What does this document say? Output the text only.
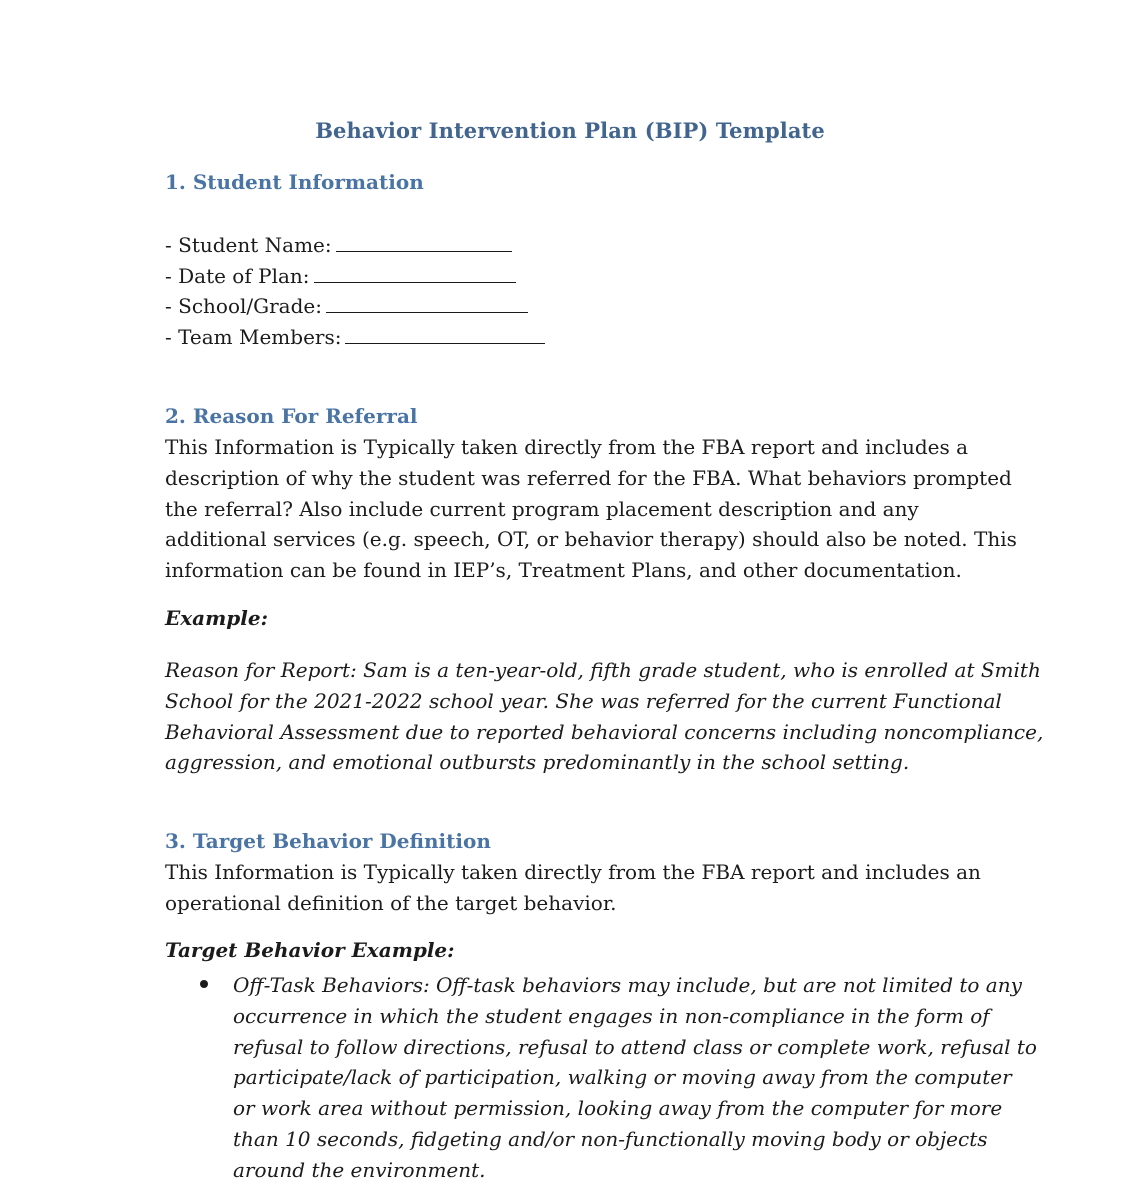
Behavior Intervention Plan (BIP) Template
1. Student Information
- Student Name:
- Date of Plan:
- School/Grade:
- Team Members:
2. Reason For Referral

This Information is Typically taken directly from the FBA report and includes a
description of why the student was referred for the FBA. What behaviors prompted
the referral? Also include current program placement description and any
additional services (e.g. speech, OT, or behavior therapy) should also be noted. This
information can be found in IEP’s, Treatment Plans, and other documentation.

Example:

Reason for Report: Sam is a ten-year-old, fifth grade student, who is enrolled at Smith
School for the 2021-2022 school year. She was referred for the current Functional
Behavioral Assessment due to reported behavioral concerns including noncompliance,
aggression, and emotional outbursts predominantly in the school setting.

3. Target Behavior Definition

This Information is Typically taken directly from the FBA report and includes an
operational definition of the target behavior.

Target Behavior Example:
Off-Task Behaviors: Off-task behaviors may include, but are not limited to any
occurrence in which the student engages in non-compliance in the form of
refusal to follow directions, refusal to attend class or complete work, refusal to
participate/lack of participation, walking or moving away from the computer
or work area without permission, looking away from the computer for more
than 10 seconds, fidgeting and/or non-functionally moving body or objects
around the environment.
